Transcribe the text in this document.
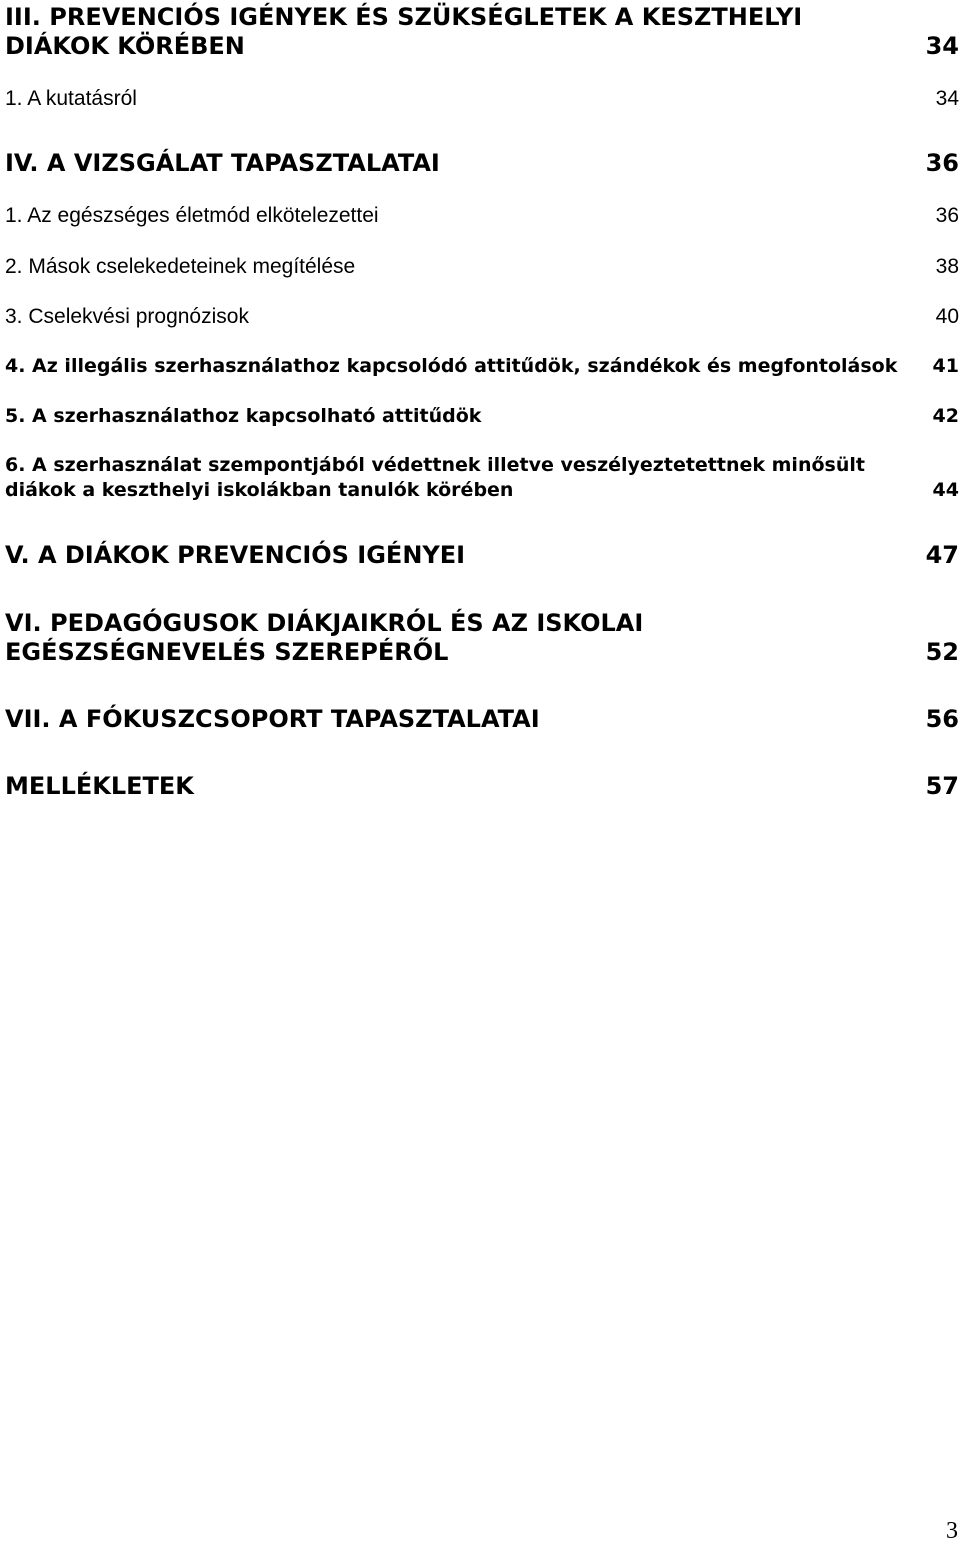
III. PREVENCIÓS IGÉNYEK ÉS SZÜKSÉGLETEK A KESZTHELYI DIÁKOK KÖRÉBEN	34
1. A kutatásról	34
IV. A VIZSGÁLAT TAPASZTALATAI	36
1. Az egészséges életmód elkötelezettei	36
2. Mások cselekedeteinek megítélése	38
3. Cselekvési prognózisok	40
4. Az illegális szerhasználathoz kapcsolódó attitűdök, szándékok és megfontolások	41
5. A szerhasználathoz kapcsolható attitűdök	42
6. A szerhasználat szempontjából védettnek illetve veszélyeztetettnek minősült diákok a keszthelyi iskolákban tanulók körében	44
V. A DIÁKOK PREVENCIÓS IGÉNYEI	47
VI. PEDAGÓGUSOK DIÁKJAIKRÓL ÉS AZ ISKOLAI EGÉSZSÉGNEVELÉS SZEREPÉRŐL	52
VII. A FÓKUSZCSOPORT TAPASZTALATAI	56
MELLÉKLETEK	57
3
